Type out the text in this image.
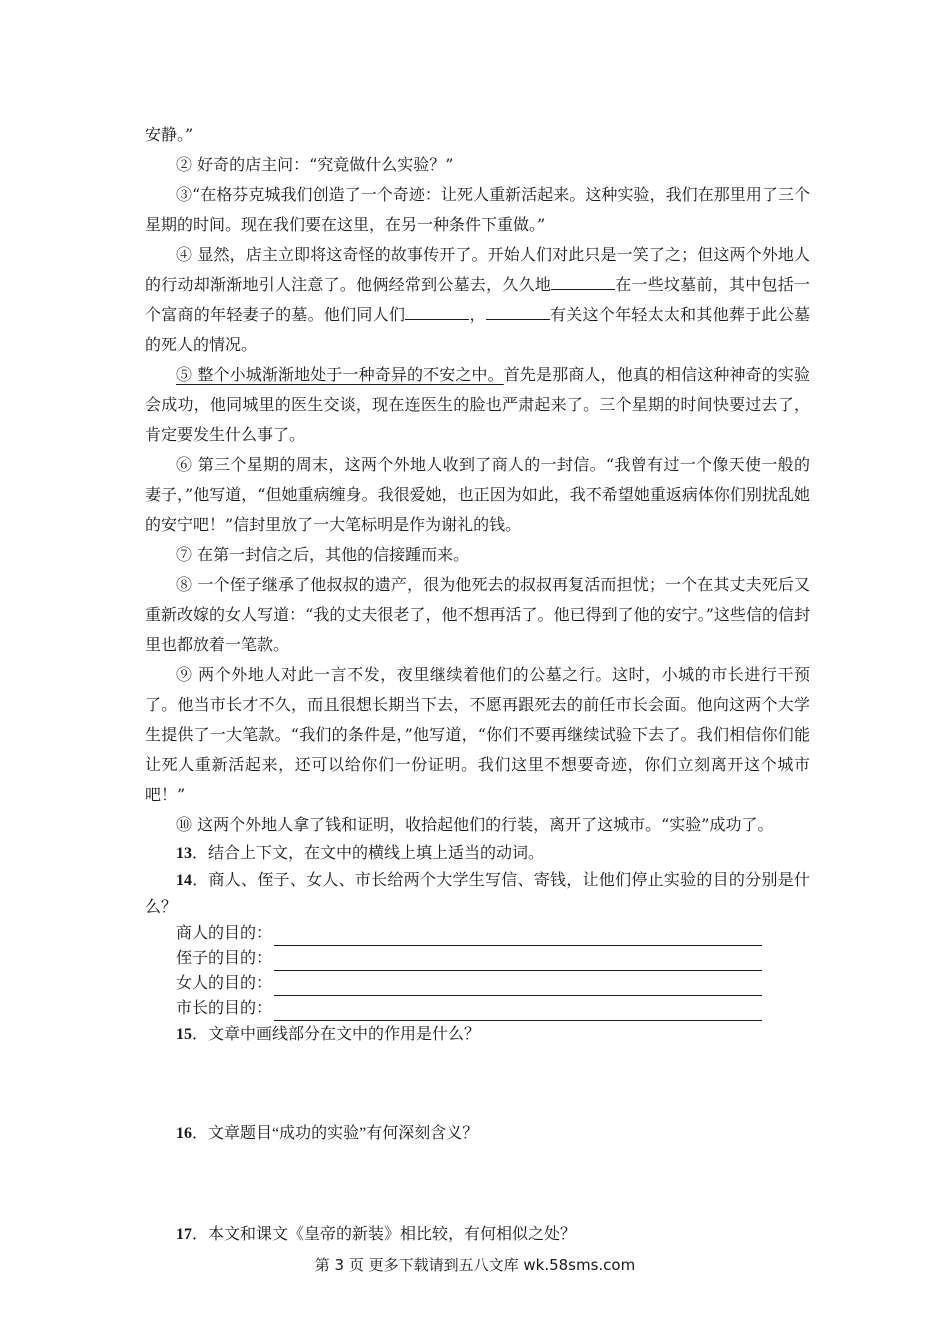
安静。”

② 好奇的店主问：“究竟做什么实验？”

③“在格芬克城我们创造了一个奇迹：让死人重新活起来。这种实验，我们在那里用了三个星期的时间。现在我们要在这里，在另一种条件下重做。”

④ 显然，店主立即将这奇怪的故事传开了。开始人们对此只是一笑了之；但这两个外地人的行动却渐渐地引人注意了。他俩经常到公墓去，久久地	在一些坟墓前，其中包括一个富商的年轻妻子的墓。他们同人们	，	有关这个年轻太太和其他葬于此公墓的死人的情况。

⑤ 整个小城渐渐地处于一种奇异的不安之中。首先是那商人，他真的相信这种神奇的实验会成功，他同城里的医生交谈，现在连医生的脸也严肃起来了。三个星期的时间快要过去了，肯定要发生什么事了。

⑥ 第三个星期的周末，这两个外地人收到了商人的一封信。“我曾有过一个像天使一般的妻子，”他写道，“但她重病缠身。我很爱她，也正因为如此，我不希望她重返病体你们别扰乱她的安宁吧！”信封里放了一大笔标明是作为谢礼的钱。

⑦ 在第一封信之后，其他的信接踵而来。

⑧ 一个侄子继承了他叔叔的遗产，很为他死去的叔叔再复活而担忧；一个在其丈夫死后又重新改嫁的女人写道：“我的丈夫很老了，他不想再活了。他已得到了他的安宁。”这些信的信封里也都放着一笔款。

⑨ 两个外地人对此一言不发，夜里继续着他们的公墓之行。这时，小城的市长进行干预了。他当市长才不久，而且很想长期当下去，不愿再跟死去的前任市长会面。他向这两个大学生提供了一大笔款。“我们的条件是，”他写道，“你们不要再继续试验下去了。我们相信你们能让死人重新活起来，还可以给你们一份证明。我们这里不想要奇迹，你们立刻离开这个城市吧！”

⑩ 这两个外地人拿了钱和证明，收拾起他们的行装，离开了这城市。“实验”成功了。

13．结合上下文，在文中的横线上填上适当的动词。

14．商人、侄子、女人、市长给两个大学生写信、寄钱，让他们停止实验的目的分别是什么？

商人的目的：
侄子的目的：
女人的目的：
市长的目的：

15．文章中画线部分在文中的作用是什么？

16．文章题目“成功的实验”有何深刻含义？

17．本文和课文《皇帝的新装》相比较，有何相似之处？

第 3 页 更多下载请到五八文库 wk.58sms.com
